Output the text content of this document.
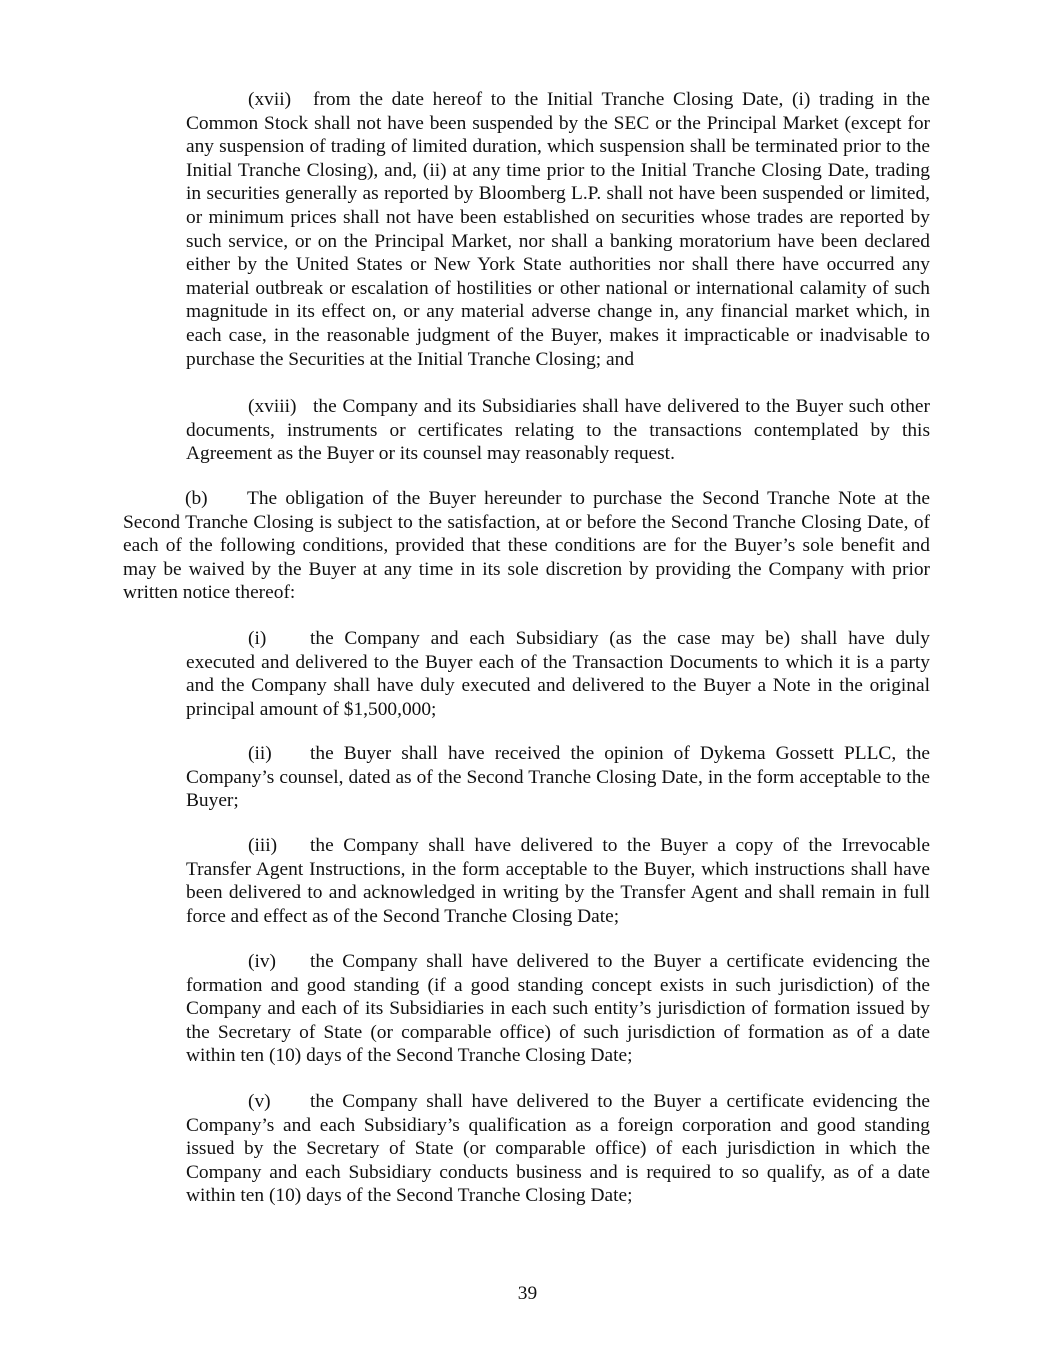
(xvii) from the date hereof to the Initial Tranche Closing Date, (i) trading in the Common Stock shall not have been suspended by the SEC or the Principal Market (except for any suspension of trading of limited duration, which suspension shall be terminated prior to the Initial Tranche Closing), and, (ii) at any time prior to the Initial Tranche Closing Date, trading in securities generally as reported by Bloomberg L.P. shall not have been suspended or limited, or minimum prices shall not have been established on securities whose trades are reported by such service, or on the Principal Market, nor shall a banking moratorium have been declared either by the United States or New York State authorities nor shall there have occurred any material outbreak or escalation of hostilities or other national or international calamity of such magnitude in its effect on, or any material adverse change in, any financial market which, in each case, in the reasonable judgment of the Buyer, makes it impracticable or inadvisable to purchase the Securities at the Initial Tranche Closing; and

(xviii) the Company and its Subsidiaries shall have delivered to the Buyer such other documents, instruments or certificates relating to the transactions contemplated by this Agreement as the Buyer or its counsel may reasonably request.

(b) The obligation of the Buyer hereunder to purchase the Second Tranche Note at the Second Tranche Closing is subject to the satisfaction, at or before the Second Tranche Closing Date, of each of the following conditions, provided that these conditions are for the Buyer’s sole benefit and may be waived by the Buyer at any time in its sole discretion by providing the Company with prior written notice thereof:

(i) the Company and each Subsidiary (as the case may be) shall have duly executed and delivered to the Buyer each of the Transaction Documents to which it is a party and the Company shall have duly executed and delivered to the Buyer a Note in the original principal amount of $1,500,000;

(ii) the Buyer shall have received the opinion of Dykema Gossett PLLC, the Company’s counsel, dated as of the Second Tranche Closing Date, in the form acceptable to the Buyer;

(iii) the Company shall have delivered to the Buyer a copy of the Irrevocable Transfer Agent Instructions, in the form acceptable to the Buyer, which instructions shall have been delivered to and acknowledged in writing by the Transfer Agent and shall remain in full force and effect as of the Second Tranche Closing Date;

(iv) the Company shall have delivered to the Buyer a certificate evidencing the formation and good standing (if a good standing concept exists in such jurisdiction) of the Company and each of its Subsidiaries in each such entity’s jurisdiction of formation issued by the Secretary of State (or comparable office) of such jurisdiction of formation as of a date within ten (10) days of the Second Tranche Closing Date;

(v) the Company shall have delivered to the Buyer a certificate evidencing the Company’s and each Subsidiary’s qualification as a foreign corporation and good standing issued by the Secretary of State (or comparable office) of each jurisdiction in which the Company and each Subsidiary conducts business and is required to so qualify, as of a date within ten (10) days of the Second Tranche Closing Date;

39
